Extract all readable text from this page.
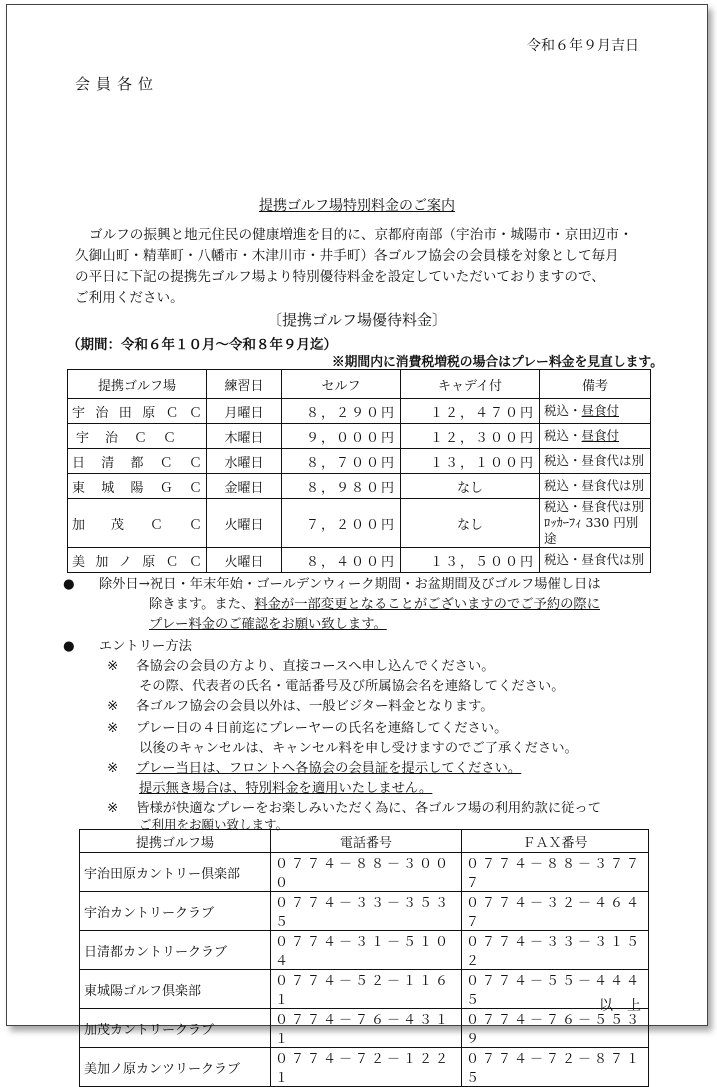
令和６年９月吉日
会員各位
提携ゴルフ場特別料金のご案内

ゴルフの振興と地元住民の健康増進を目的に、京都府南部（宇治市・城陽市・京田辺市・

久御山町・精華町・八幡市・木津川市・井手町）各ゴルフ協会の会員様を対象として毎月

の平日に下記の提携先ゴルフ場より特別優待料金を設定していただいておりますので、

ご利用ください。

〔提携ゴルフ場優待料金〕
（期間：令和６年１０月～令和８年９月迄）
※期間内に消費税増税の場合はプレー料金を見直します。
提携ゴルフ場	練習日	セルフ	キャデイ付	備考
宇治田原ＣＣ	月曜日	８，２９０円	１２，４７０円	税込・昼食付
宇治ＣＣ	木曜日	９，０００円	１２，３００円	税込・昼食付
日清都ＣＣ	水曜日	８，７００円	１３，１００円	税込・昼食代は別
東城陽ＧＣ	金曜日	８，９８０円	なし	税込・昼食代は別
加茂ＣＣ	火曜日	７，２００円	なし	税込・昼食代は別
ﾛｯｶｰﾌｨ 330 円別途

美加ノ原ＣＣ	火曜日	８，４００円	１３，５００円	税込・昼食代は別
● 除外日→祝日・年末年始・ゴールデンウィーク期間・お盆期間及びゴルフ場催し日は
除きます。また、料金が一部変更となることがございますのでご予約の際に
プレー料金のご確認をお願い致します。
● エントリー方法
※ 各協会の会員の方より、直接コースへ申し込んでください。
その際、代表者の氏名・電話番号及び所属協会名を連絡してください。
※ 各ゴルフ協会の会員以外は、一般ビジター料金となります。
※ プレー日の４日前迄にプレーヤーの氏名を連絡してください。
以後のキャンセルは、キャンセル料を申し受けますのでご了承ください。
※ プレー当日は、フロントへ各協会の会員証を提示してください。
提示無き場合は、特別料金を適用いたしません。
※ 皆様が快適なプレーをお楽しみいただく為に、各ゴルフ場の利用約款に従って
ご利用をお願い致します。
提携ゴルフ場	電話番号	ＦＡＸ番号
宇治田原カントリー倶楽部	０７７４－８８－３０００	０７７４－８８－３７７７
宇治カントリークラブ	０７７４－３３－３５３５	０７７４－３２－４６４７
日清都カントリークラブ	０７７４－３１－５１０４	０７７４－３３－３１５２
東城陽ゴルフ倶楽部	０７７４－５２－１１６１	０７７４－５５－４４４５
加茂カントリークラブ	０７７４－７６－４３１１	０７７４－７６－５５３９
美加ノ原カンツリークラブ	０７７４－７２－１２２１	０７７４－７２－８７１５
以上
